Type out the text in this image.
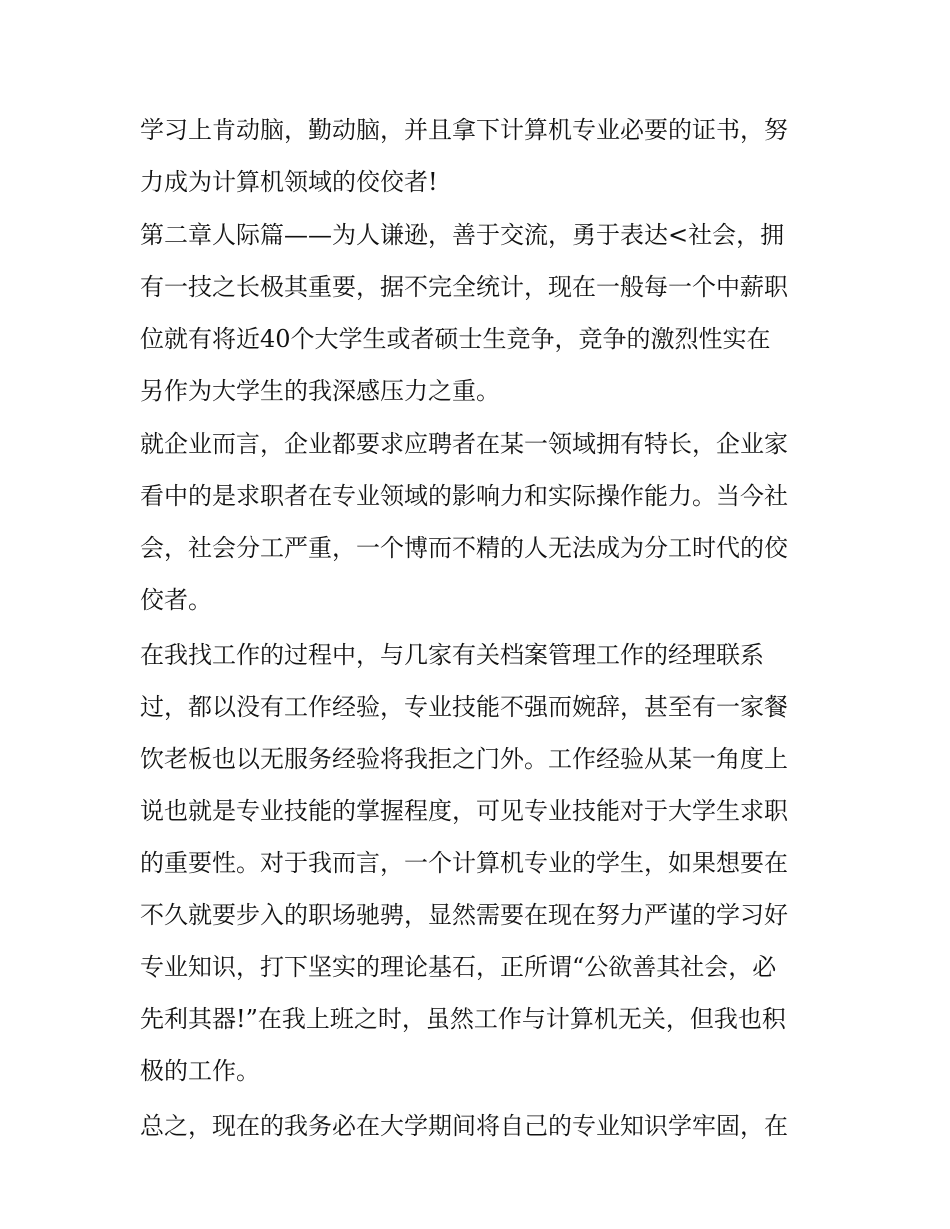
学习上肯动脑，勤动脑，并且拿下计算机专业必要的证书，努
力成为计算机领域的佼佼者!

第二章人际篇——为人谦逊，善于交流，勇于表达<社会，拥
有一技之长极其重要，据不完全统计，现在一般每一个中薪职
位就有将近40个大学生或者硕士生竞争，竞争的激烈性实在
另作为大学生的我深感压力之重。

就企业而言，企业都要求应聘者在某一领域拥有特长，企业家
看中的是求职者在专业领域的影响力和实际操作能力。当今社
会，社会分工严重，一个博而不精的人无法成为分工时代的佼
佼者。

在我找工作的过程中，与几家有关档案管理工作的经理联系
过，都以没有工作经验，专业技能不强而婉辞，甚至有一家餐
饮老板也以无服务经验将我拒之门外。工作经验从某一角度上
说也就是专业技能的掌握程度，可见专业技能对于大学生求职
的重要性。对于我而言，一个计算机专业的学生，如果想要在
不久就要步入的职场驰骋，显然需要在现在努力严谨的学习好
专业知识，打下坚实的理论基石，正所谓“公欲善其社会，必
先利其器!”在我上班之时，虽然工作与计算机无关，但我也积
极的工作。

总之，现在的我务必在大学期间将自己的专业知识学牢固，在
